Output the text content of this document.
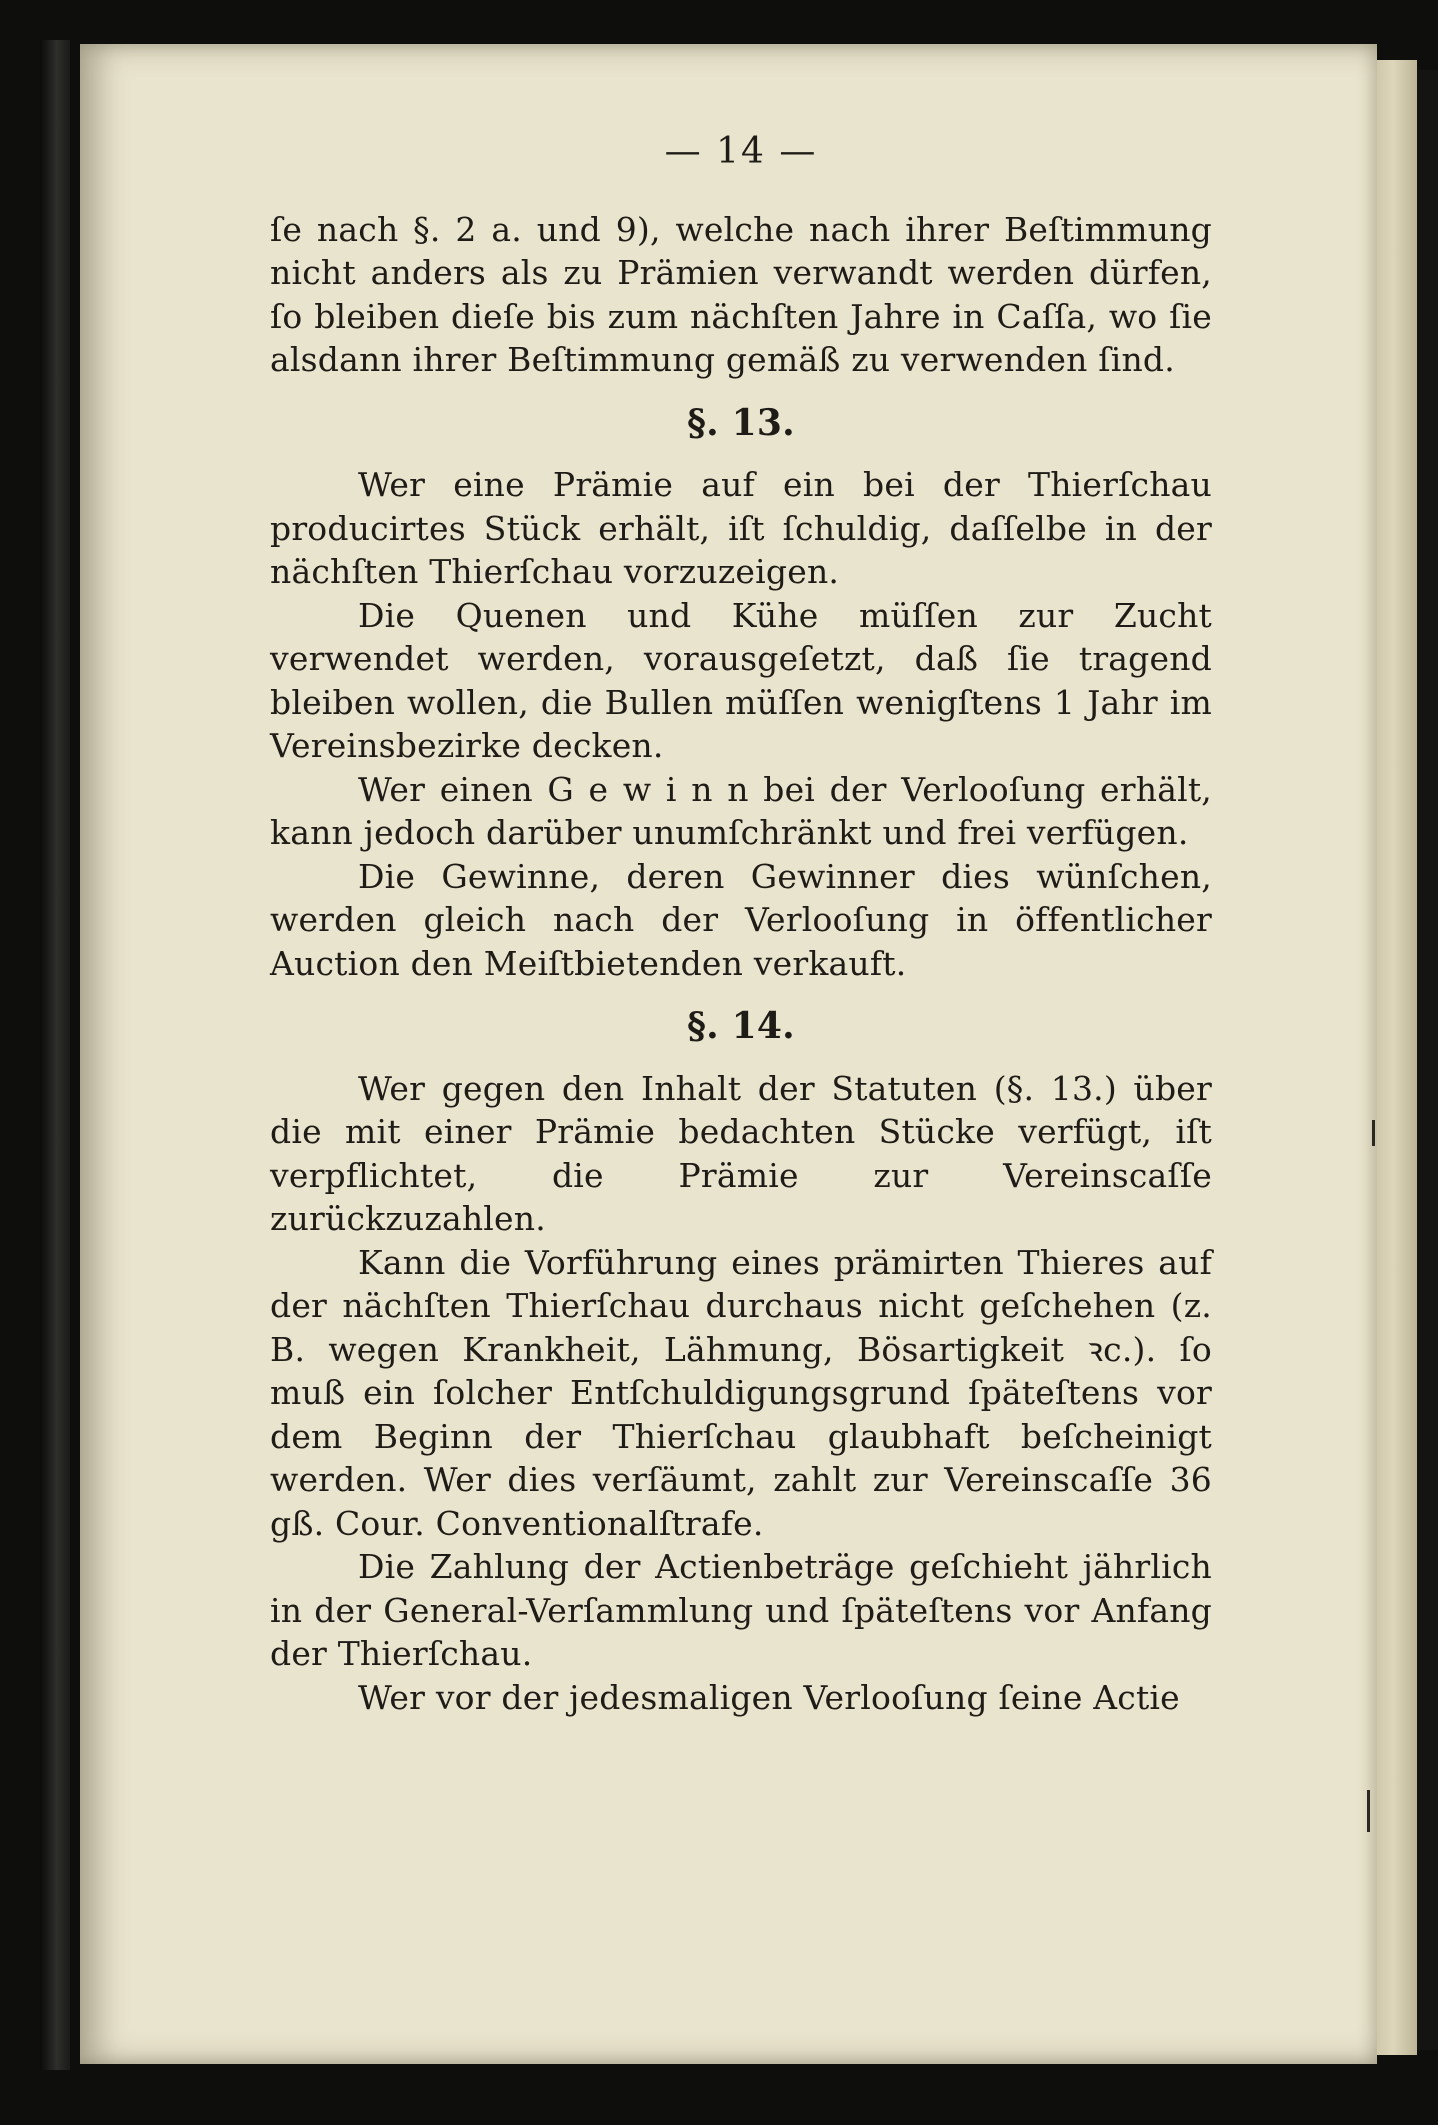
— 14 —

ſe nach §. 2 a. und 9), welche nach ihrer Beſtimmung nicht anders als zu Prämien verwandt werden dürfen, ſo bleiben dieſe bis zum nächſten Jahre in Caſſa, wo ſie alsdann ihrer Beſtimmung gemäß zu verwenden ſind.

§. 13.

Wer eine Prämie auf ein bei der Thierſchau producirtes Stück erhält, iſt ſchuldig, daſſelbe in der nächſten Thierſchau vorzuzeigen.

Die Quenen und Kühe müſſen zur Zucht verwendet werden, vorausgeſetzt, daß ſie tragend bleiben wollen, die Bullen müſſen wenigſtens 1 Jahr im Vereinsbezirke decken.

Wer einen G e w i n n bei der Verlooſung erhält, kann jedoch darüber unumſchränkt und frei verfügen.

Die Gewinne, deren Gewinner dies wünſchen, werden gleich nach der Verlooſung in öffentlicher Auction den Meiſtbietenden verkauft.

§. 14.

Wer gegen den Inhalt der Statuten (§. 13.) über die mit einer Prämie bedachten Stücke verfügt, iſt verpflichtet, die Prämie zur Vereinscaſſe zurückzuzahlen.

Kann die Vorführung eines prämirten Thieres auf der nächſten Thierſchau durchaus nicht geſchehen (z. B. wegen Krankheit, Lähmung, Bösartigkeit ꝛc.). ſo muß ein ſolcher Entſchuldigungsgrund ſpäteſtens vor dem Beginn der Thierſchau glaubhaft beſcheinigt werden. Wer dies verſäumt, zahlt zur Vereinscaſſe 36 gß. Cour. Conventionalſtrafe.

Die Zahlung der Actienbeträge geſchieht jährlich in der General-Verſammlung und ſpäteſtens vor Anfang der Thierſchau.

Wer vor der jedesmaligen Verlooſung ſeine Actie
